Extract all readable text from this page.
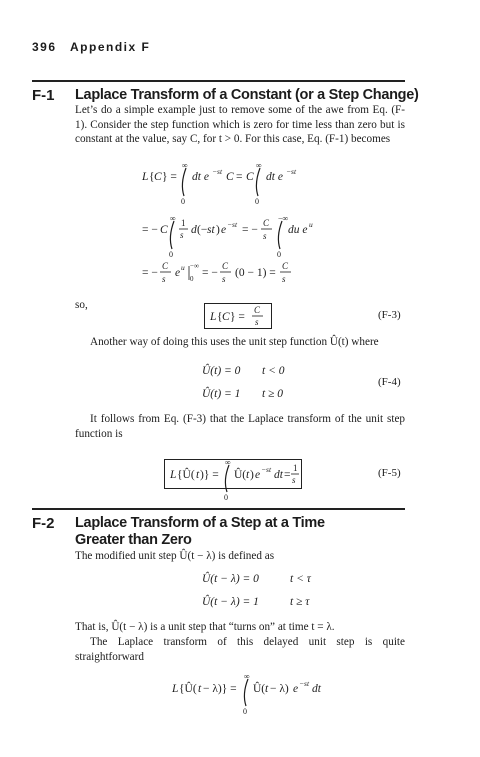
396 Appendix F
F-1 Laplace Transform of a Constant (or a Step Change)
Let’s do a simple example just to remove some of the awe from Eq. (F-1). Consider the step function which is zero for time less than zero but is constant at the value, say C, for t > 0. For this case, Eq. (F-1) becomes
L { C } =
∞
0
dt e −st C = C
∞
0
dt e −st
= − C
∞
0
1
s d (− st ) e −st = −
C
s
−∞
0
du e u
= −
C
s e u −∞
0 = −
C
s (0 − 1) =
C
s
so,
L { C } =
C
s
(F-3)
Another way of doing this uses the unit step function Û(t) where
Û(t) = 0 t < 0
Û(t) = 1 t ≥ 0
(F-4)
It follows from Eq. (F-3) that the Laplace transform of the unit step function is
L {Û( t )} =
∞
0
Û( t ) e −st dt =
1
s
(F-5)
F-2 Laplace Transform of a Step at a Time
Greater than Zero
The modified unit step Û(t − λ) is defined as
Û(t − λ) = 0	t < τ
Û(t − λ) = 1	t ≥ τ
That is, Û(t − λ) is a unit step that “turns on” at time t = λ.
The Laplace transform of this delayed unit step is quite straightforward
L {Û( t − λ)} =
∞
0
Û( t − λ) e −st dt
